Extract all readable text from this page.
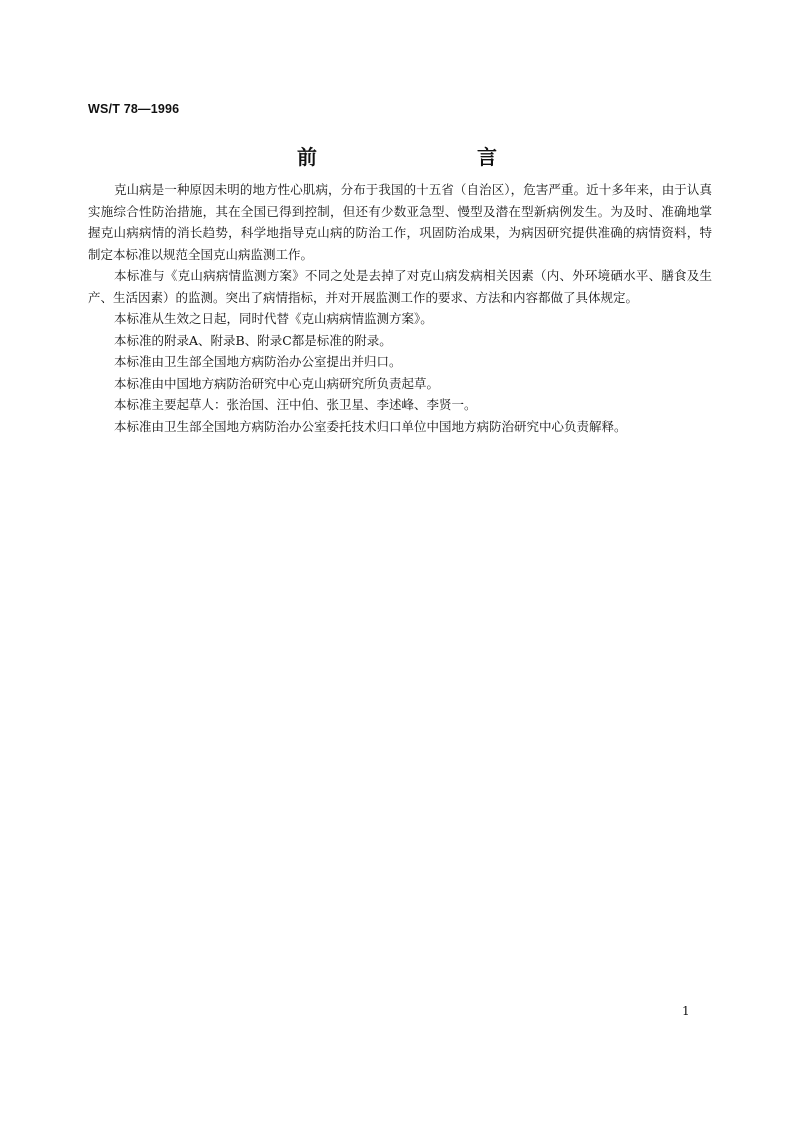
WS/T 78—1996
前　　言

克山病是一种原因未明的地方性心肌病，分布于我国的十五省（自治区），危害严重。近十多年来，由于认真实施综合性防治措施，其在全国已得到控制，但还有少数亚急型、慢型及潜在型新病例发生。为及时、准确地掌握克山病病情的消长趋势，科学地指导克山病的防治工作，巩固防治成果，为病因研究提供准确的病情资料，特制定本标准以规范全国克山病监测工作。

本标准与《克山病病情监测方案》不同之处是去掉了对克山病发病相关因素（内、外环境硒水平、膳食及生产、生活因素）的监测。突出了病情指标，并对开展监测工作的要求、方法和内容都做了具体规定。

本标准从生效之日起，同时代替《克山病病情监测方案》。

本标准的附录A、附录B、附录C都是标准的附录。

本标准由卫生部全国地方病防治办公室提出并归口。

本标准由中国地方病防治研究中心克山病研究所负责起草。

本标准主要起草人：张治国、汪中伯、张卫星、李述峰、李贤一。

本标准由卫生部全国地方病防治办公室委托技术归口单位中国地方病防治研究中心负责解释。

1
